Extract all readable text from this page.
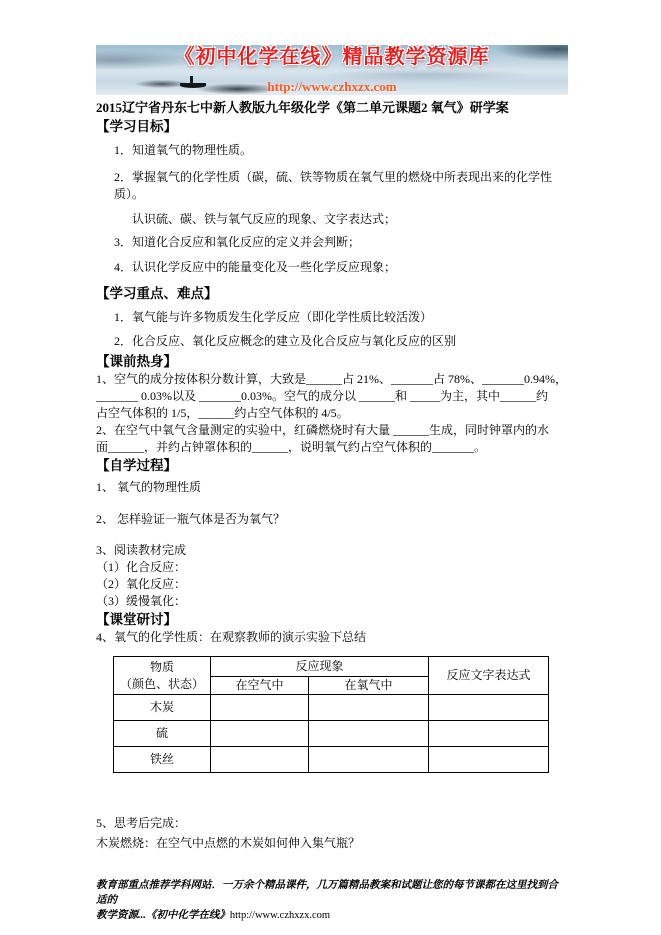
《初中化学在线》精品教学资源库
http://www.czhxzx.com

2015辽宁省丹东七中新人教版九年级化学《第二单元课题2 氧气》研学案

【学习目标】

1．知道氧气的物理性质。

2．掌握氧气的化学性质（碳，硫、铁等物质在氧气里的燃烧中所表现出来的化学性质）。

认识硫、碳、铁与氧气反应的现象、文字表达式；

3．知道化合反应和氧化反应的定义并会判断；

4．认识化学反应中的能量变化及一些化学反应现象；

【学习重点、难点】

1．氧气能与许多物质发生化学反应（即化学性质比较活泼）

2．化合反应、氧化反应概念的建立及化合反应与氧化反应的区别

【课前热身】

1、空气的成分按体积分数计算，大致是______占 21%、_______占 78%、_______0.94%，

_______ 0.03%以及 _______0.03%。空气的成分以 ______和 _____为主，其中______约

占空气体积的 1/5，______约占空气体积的 4/5。

2、在空气中氧气含量测定的实验中，红磷燃烧时有大量 ______生成，同时钟罩内的水

面______，并约占钟罩体积的______，说明氧气约占空气体积的_______。

【自学过程】

1、 氧气的物理性质

2、 怎样验证一瓶气体是否为氧气？

3、阅读教材完成

（1）化合反应：

（2）氧化反应：

（3）缓慢氧化：

【课堂研讨】

4、氧气的化学性质：在观察教师的演示实验下总结

物质
（颜色、状态）	反应现象		反应文字表达式
	在空气中	在氧气中	
木炭			
硫			
铁丝			

5、思考后完成：

木炭燃烧：在空气中点燃的木炭如何伸入集气瓶？

教育部重点推荐学科网站．一万余个精品课件，几万篇精品教案和试题让您的每节课都在这里找到合适的
教学资源...《初中化学在线》http://www.czhxzx.com
